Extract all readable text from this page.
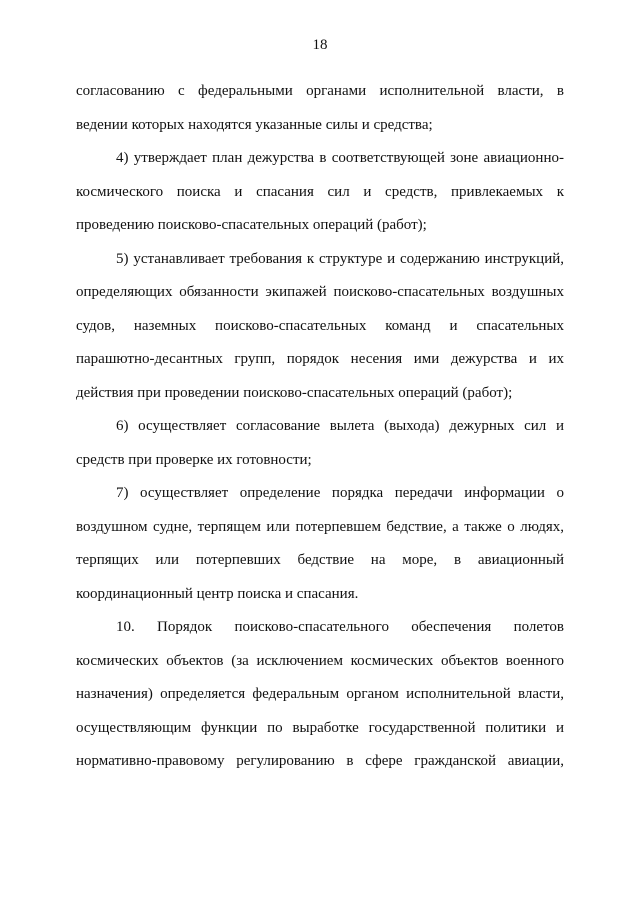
18
согласованию с федеральными органами исполнительной власти, в
ведении которых находятся указанные силы и средства;
4) утверждает план дежурства в соответствующей зоне авиационно-
космического поиска и спасания сил и средств, привлекаемых к
проведению поисково-спасательных операций (работ);
5) устанавливает требования к структуре и содержанию инструкций,
определяющих обязанности экипажей поисково-спасательных воздушных
судов, наземных поисково-спасательных команд и спасательных
парашютно-десантных групп, порядок несения ими дежурства и их
действия при проведении поисково-спасательных операций (работ);
6) осуществляет согласование вылета (выхода) дежурных сил и
средств при проверке их готовности;
7) осуществляет определение порядка передачи информации о
воздушном судне, терпящем или потерпевшем бедствие, а также о людях,
терпящих или потерпевших бедствие на море, в авиационный
координационный центр поиска и спасания.
10. Порядок поисково-спасательного обеспечения полетов
космических объектов (за исключением космических объектов военного
назначения) определяется федеральным органом исполнительной власти,
осуществляющим функции по выработке государственной политики и
нормативно-правовому регулированию в сфере гражданской авиации,
